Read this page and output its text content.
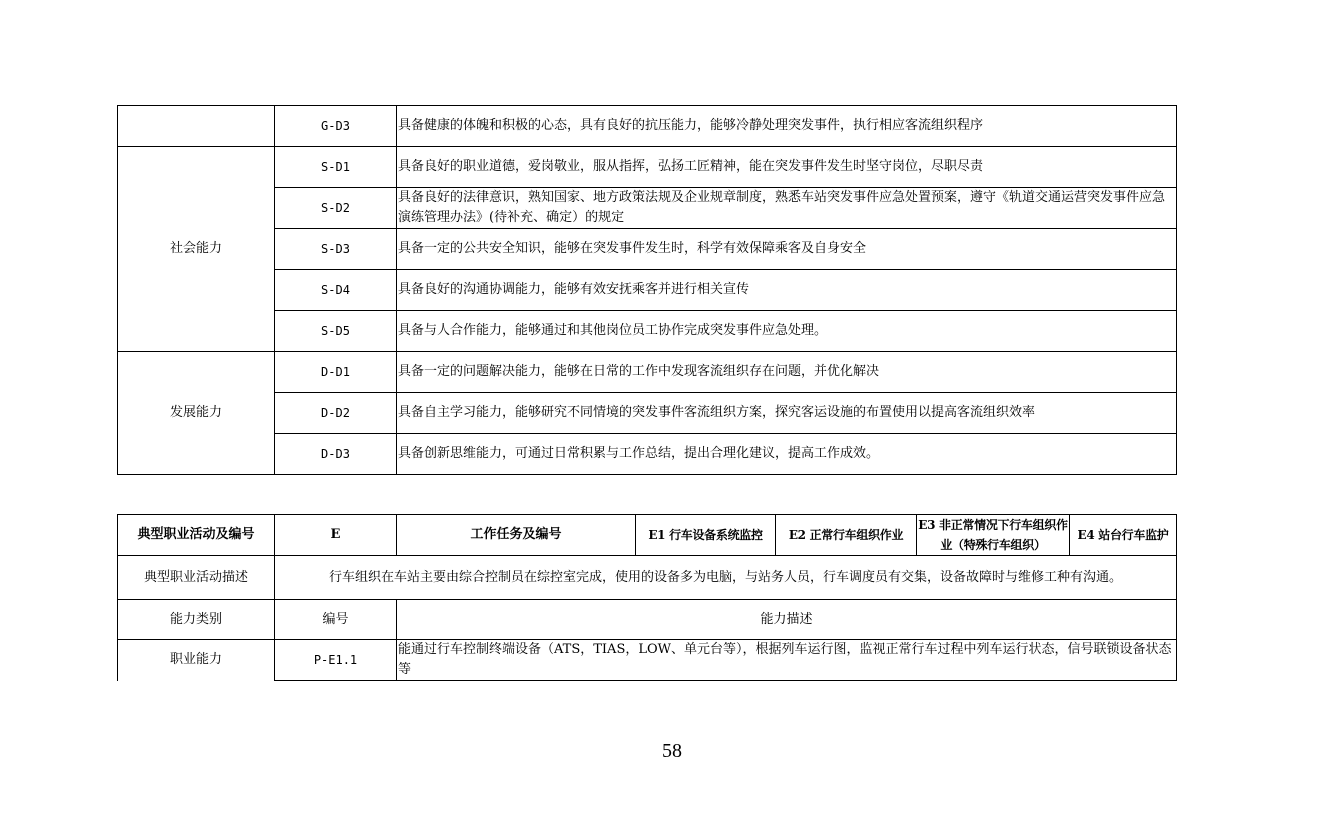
	G-D3	具备健康的体魄和积极的心态，具有良好的抗压能力，能够冷静处理突发事件，执行相应客流组织程序
社会能力	S-D1	具备良好的职业道德，爱岗敬业，服从指挥，弘扬工匠精神，能在突发事件发生时坚守岗位，尽职尽责
	S-D2	具备良好的法律意识，熟知国家、地方政策法规及企业规章制度，熟悉车站突发事件应急处置预案，遵守《轨道交通运营突发事件应急演练管理办法》(待补充、确定）的规定
	S-D3	具备一定的公共安全知识，能够在突发事件发生时，科学有效保障乘客及自身安全
	S-D4	具备良好的沟通协调能力，能够有效安抚乘客并进行相关宣传
	S-D5	具备与人合作能力，能够通过和其他岗位员工协作完成突发事件应急处理。
发展能力	D-D1	具备一定的问题解决能力，能够在日常的工作中发现客流组织存在问题，并优化解决
	D-D2	具备自主学习能力，能够研究不同情境的突发事件客流组织方案，探究客运设施的布置使用以提高客流组织效率
	D-D3	具备创新思维能力，可通过日常积累与工作总结，提出合理化建议，提高工作成效。
典型职业活动及编号	E	工作任务及编号	E1 行车设备系统监控	E2 正常行车组织作业	E3 非正常情况下行车组织作业（特殊行车组织）	E4 站台行车监护
典型职业活动描述	行车组织在车站主要由综合控制员在综控室完成，使用的设备多为电脑，与站务人员，行车调度员有交集，设备故障时与维修工种有沟通。					
能力类别	编号	能力描述				
职业能力	P-E1.1	能通过行车控制终端设备（ATS，TIAS，LOW、单元台等），根据列车运行图，监视正常行车过程中列车运行状态，信号联锁设备状态等				
58
